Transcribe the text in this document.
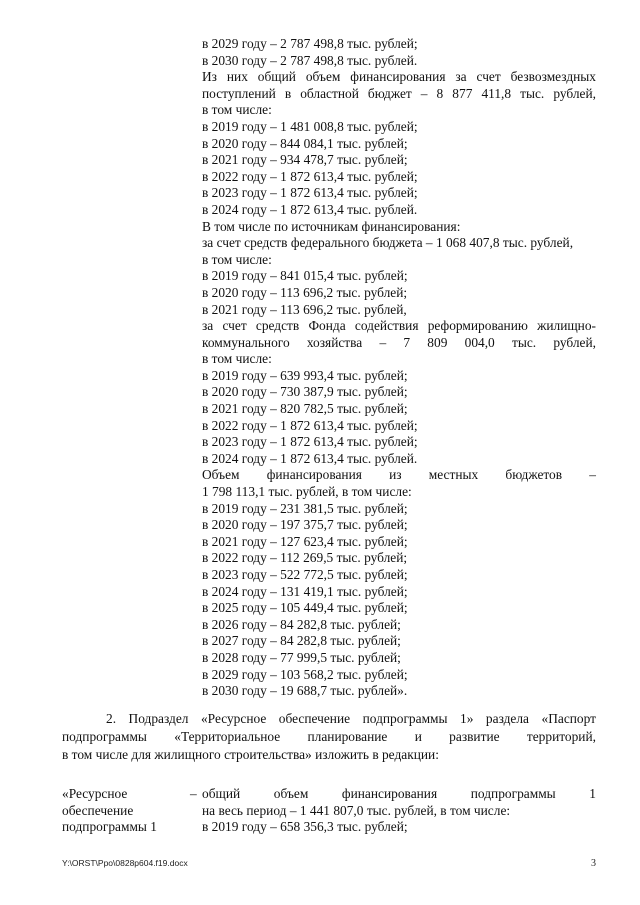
в 2029 году – 2 787 498,8 тыс. рублей;
в 2030 году – 2 787 498,8 тыс. рублей.
Из них общий объем финансирования за счет безвозмездных
поступлений в областной бюджет – 8 877 411,8 тыс. рублей,
в том числе:
в 2019 году – 1 481 008,8 тыс. рублей;
в 2020 году – 844 084,1 тыс. рублей;
в 2021 году – 934 478,7 тыс. рублей;
в 2022 году – 1 872 613,4 тыс. рублей;
в 2023 году – 1 872 613,4 тыс. рублей;
в 2024 году – 1 872 613,4 тыс. рублей.
В том числе по источникам финансирования:
за счет средств федерального бюджета – 1 068 407,8 тыс. рублей,
в том числе:
в 2019 году – 841 015,4 тыс. рублей;
в 2020 году – 113 696,2 тыс. рублей;
в 2021 году – 113 696,2 тыс. рублей,
за счет средств Фонда содействия реформированию жилищно-
коммунального хозяйства – 7 809 004,0 тыс. рублей,
в том числе:
в 2019 году – 639 993,4 тыс. рублей;
в 2020 году – 730 387,9 тыс. рублей;
в 2021 году – 820 782,5 тыс. рублей;
в 2022 году – 1 872 613,4 тыс. рублей;
в 2023 году – 1 872 613,4 тыс. рублей;
в 2024 году – 1 872 613,4 тыс. рублей.
Объем финансирования из местных бюджетов –
1 798 113,1 тыс. рублей, в том числе:
в 2019 году – 231 381,5 тыс. рублей;
в 2020 году – 197 375,7 тыс. рублей;
в 2021 году – 127 623,4 тыс. рублей;
в 2022 году – 112 269,5 тыс. рублей;
в 2023 году – 522 772,5 тыс. рублей;
в 2024 году – 131 419,1 тыс. рублей;
в 2025 году – 105 449,4 тыс. рублей;
в 2026 году – 84 282,8 тыс. рублей;
в 2027 году – 84 282,8 тыс. рублей;
в 2028 году – 77 999,5 тыс. рублей;
в 2029 году – 103 568,2 тыс. рублей;
в 2030 году – 19 688,7 тыс. рублей».
2. Подраздел «Ресурсное обеспечение подпрограммы 1» раздела «Паспорт
подпрограммы «Территориальное планирование и развитие территорий,
в том числе для жилищного строительства» изложить в редакции:
«Ресурсное	– общий объем финансирования подпрограммы 1
обеспечение	на весь период – 1 441 807,0 тыс. рублей, в том числе:
подпрограммы 1	в 2019 году – 658 356,3 тыс. рублей;
Y:\ORST\Ppo\0828p604.f19.docx	3
